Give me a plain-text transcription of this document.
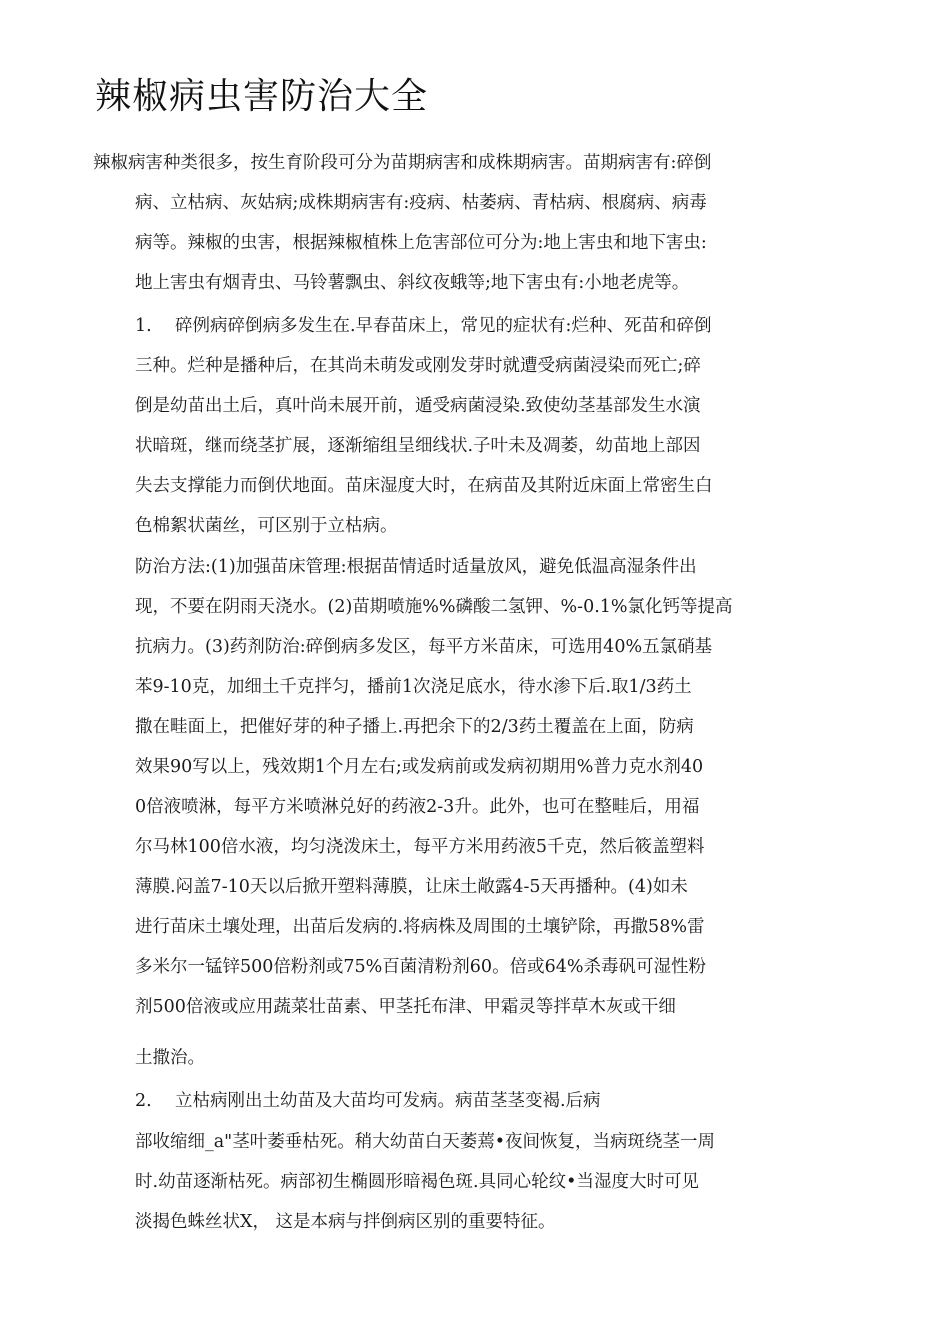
辣椒病虫害防治大全
辣椒病害种类很多，按生育阶段可分为苗期病害和成株期病害。苗期病害有:碎倒
病、立枯病、灰姑病;成株期病害有:疫病、枯萎病、青枯病、根腐病、病毒
病等。辣椒的虫害，根据辣椒植株上危害部位可分为:地上害虫和地下害虫:
地上害虫有烟青虫、马铃薯飘虫、斜纹夜蛾等;地下害虫有:小地老虎等。
1. 碎例病碎倒病多发生在.早春苗床上，常见的症状有:烂种、死苗和碎倒
三种。烂种是播种后，在其尚未萌发或刚发芽时就遭受病菌浸染而死亡;碎
倒是幼苗出土后，真叶尚未展开前，遁受病菌浸染.致使幼茎基部发生水演
状暗斑，继而绕茎扩展，逐渐缩组呈细线状.子叶未及凋萎，幼苗地上部因
失去支撑能力而倒伏地面。苗床湿度大时，在病苗及其附近床面上常密生白
色棉絮状菌丝，可区别于立枯病。
防治方法:(1)加强苗床管理:根据苗情适时适量放风，避免低温高湿条件出
现，不要在阴雨天浇水。(2)苗期喷施%%磷酸二氢钾、%-0.1%氯化钙等提高
抗病力。(3)药剂防治:碎倒病多发区，每平方米苗床，可选用40%五氯硝基
苯9-10克，加细土千克拌匀，播前1次浇足底水，待水渗下后.取1/3药土
撒在畦面上，把催好芽的种子播上.再把余下的2/3药土覆盖在上面，防病
效果90写以上，残效期1个月左右;或发病前或发病初期用%普力克水剂40
0倍液喷淋，每平方米喷淋兑好的药液2-3升。此外，也可在整畦后，用福
尔马林100倍水液，均匀浇泼床土，每平方米用药液5千克，然后筱盖塑料
薄膜.闷盖7-10天以后掀开塑料薄膜，让床土敞露4-5天再播种。(4)如未
进行苗床土壤处理，出苗后发病的.将病株及周围的土壤铲除，再撒58%雷
多米尔一锰锌500倍粉剂或75%百菌清粉剂60。倍或64%杀毒矾可湿性粉
剂500倍液或应用蔬菜壮苗素、甲茎托布津、甲霜灵等拌草木灰或干细
土撒治。
2. 立枯病刚出土幼苗及大苗均可发病。病苗茎茎变褐.后病
部收缩细_a"茎叶萎垂枯死。稍大幼苗白天萎蔫•夜间恢复，当病斑绕茎一周
时.幼苗逐渐枯死。病部初生椭圆形暗褐色斑.具同心轮纹•当湿度大时可见
淡揭色蛛丝状X， 这是本病与拌倒病区别的重要特征。
